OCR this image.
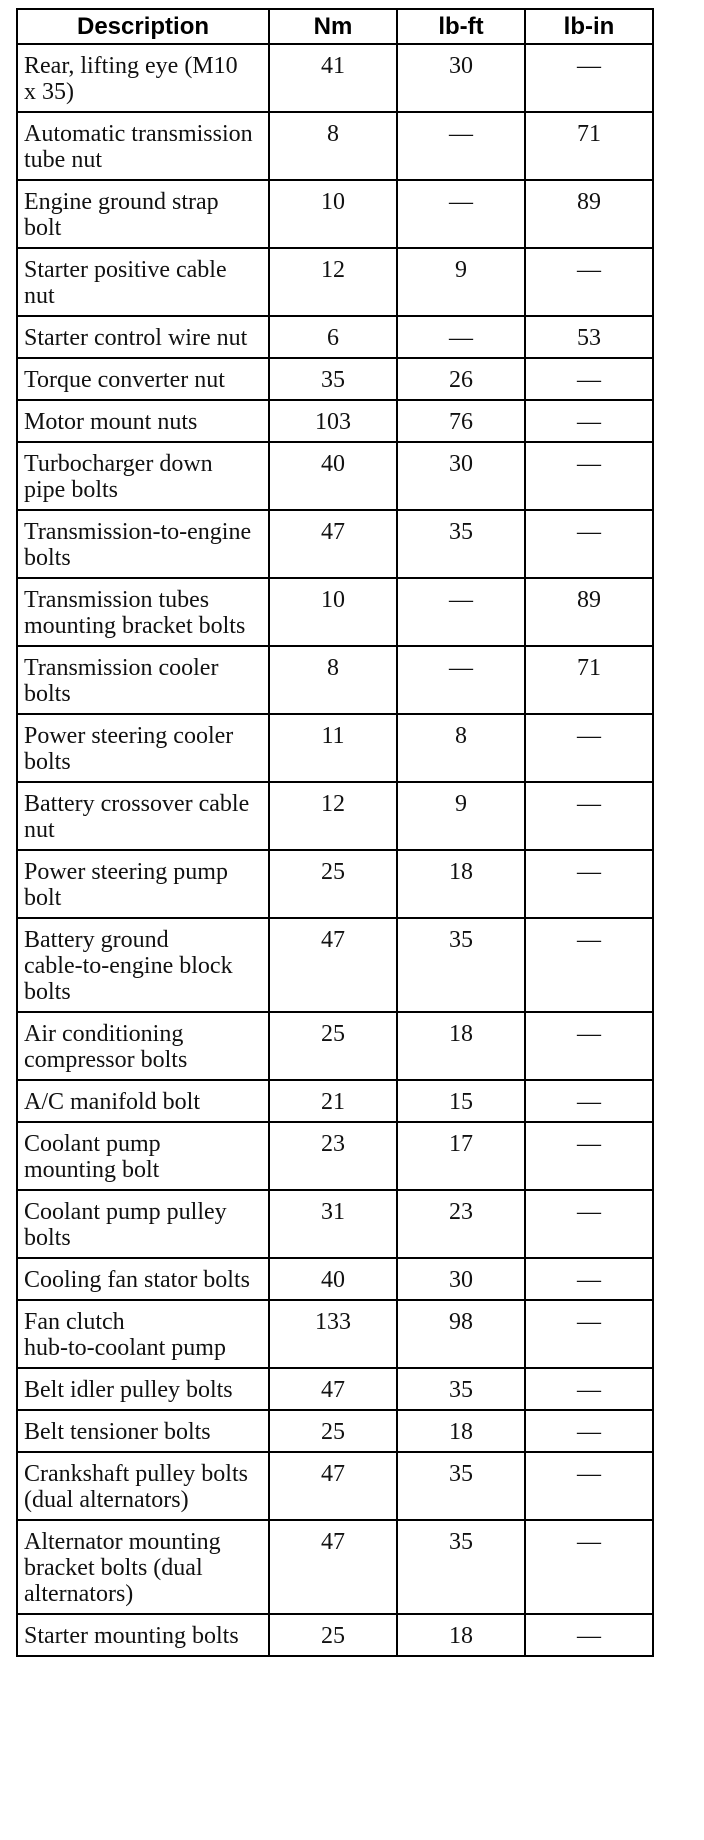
Description	Nm	lb-ft	lb-in

Rear, lifting eye (M10
x 35)	41	30	—

Automatic transmission
tube nut	8	—	71

Engine ground strap
bolt	10	—	89

Starter positive cable
nut	12	9	—

Starter control wire nut	6	—	53

Torque converter nut	35	26	—

Motor mount nuts	103	76	—

Turbocharger down
pipe bolts	40	30	—

Transmission-to-engine
bolts	47	35	—

Transmission tubes
mounting bracket bolts	10	—	89

Transmission cooler
bolts	8	—	71

Power steering cooler
bolts	11	8	—

Battery crossover cable
nut	12	9	—

Power steering pump
bolt	25	18	—

Battery ground
cable-to-engine block
bolts	47	35	—

Air conditioning
compressor bolts	25	18	—

A/C manifold bolt	21	15	—

Coolant pump
mounting bolt	23	17	—

Coolant pump pulley
bolts	31	23	—

Cooling fan stator bolts	40	30	—

Fan clutch
hub-to-coolant pump	133	98	—

Belt idler pulley bolts	47	35	—

Belt tensioner bolts	25	18	—

Crankshaft pulley bolts
(dual alternators)	47	35	—

Alternator mounting
bracket bolts (dual
alternators)	47	35	—

Starter mounting bolts	25	18	—
